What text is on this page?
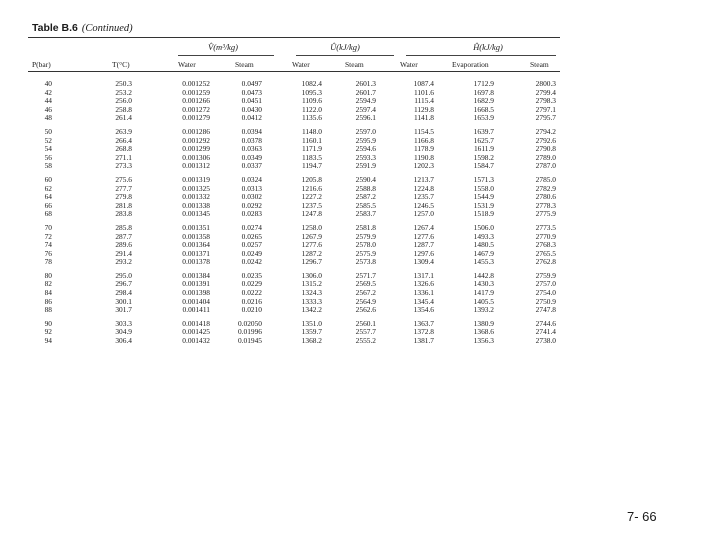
Table B.6 (Continued)
V̂(m³/kg)	Û(kJ/kg)	Ĥ(kJ/kg)
P(bar)	T(°C)	Water	Steam	Water	Steam	Water	Evaporation	Steam
40	250.3	0.001252	0.0497	1082.4	2601.3	1087.4	1712.9	2800.3
42	253.2	0.001259	0.0473	1095.3	2601.7	1101.6	1697.8	2799.4
44	256.0	0.001266	0.0451	1109.6	2594.9	1115.4	1682.9	2798.3
46	258.8	0.001272	0.0430	1122.0	2597.4	1129.8	1668.5	2797.1
48	261.4	0.001279	0.0412	1135.6	2596.1	1141.8	1653.9	2795.7
50	263.9	0.001286	0.0394	1148.0	2597.0	1154.5	1639.7	2794.2
52	266.4	0.001292	0.0378	1160.1	2595.9	1166.8	1625.7	2792.6
54	268.8	0.001299	0.0363	1171.9	2594.6	1178.9	1611.9	2790.8
56	271.1	0.001306	0.0349	1183.5	2593.3	1190.8	1598.2	2789.0
58	273.3	0.001312	0.0337	1194.7	2591.9	1202.3	1584.7	2787.0
60	275.6	0.001319	0.0324	1205.8	2590.4	1213.7	1571.3	2785.0
62	277.7	0.001325	0.0313	1216.6	2588.8	1224.8	1558.0	2782.9
64	279.8	0.001332	0.0302	1227.2	2587.2	1235.7	1544.9	2780.6
66	281.8	0.001338	0.0292	1237.5	2585.5	1246.5	1531.9	2778.3
68	283.8	0.001345	0.0283	1247.8	2583.7	1257.0	1518.9	2775.9
70	285.8	0.001351	0.0274	1258.0	2581.8	1267.4	1506.0	2773.5
72	287.7	0.001358	0.0265	1267.9	2579.9	1277.6	1493.3	2770.9
74	289.6	0.001364	0.0257	1277.6	2578.0	1287.7	1480.5	2768.3
76	291.4	0.001371	0.0249	1287.2	2575.9	1297.6	1467.9	2765.5
78	293.2	0.001378	0.0242	1296.7	2573.8	1309.4	1455.3	2762.8
80	295.0	0.001384	0.0235	1306.0	2571.7	1317.1	1442.8	2759.9
82	296.7	0.001391	0.0229	1315.2	2569.5	1326.6	1430.3	2757.0
84	298.4	0.001398	0.0222	1324.3	2567.2	1336.1	1417.9	2754.0
86	300.1	0.001404	0.0216	1333.3	2564.9	1345.4	1405.5	2750.9
88	301.7	0.001411	0.0210	1342.2	2562.6	1354.6	1393.2	2747.8
90	303.3	0.001418	0.02050	1351.0	2560.1	1363.7	1380.9	2744.6
92	304.9	0.001425	0.01996	1359.7	2557.7	1372.8	1368.6	2741.4
94	306.4	0.001432	0.01945	1368.2	2555.2	1381.7	1356.3	2738.0
7- 66
